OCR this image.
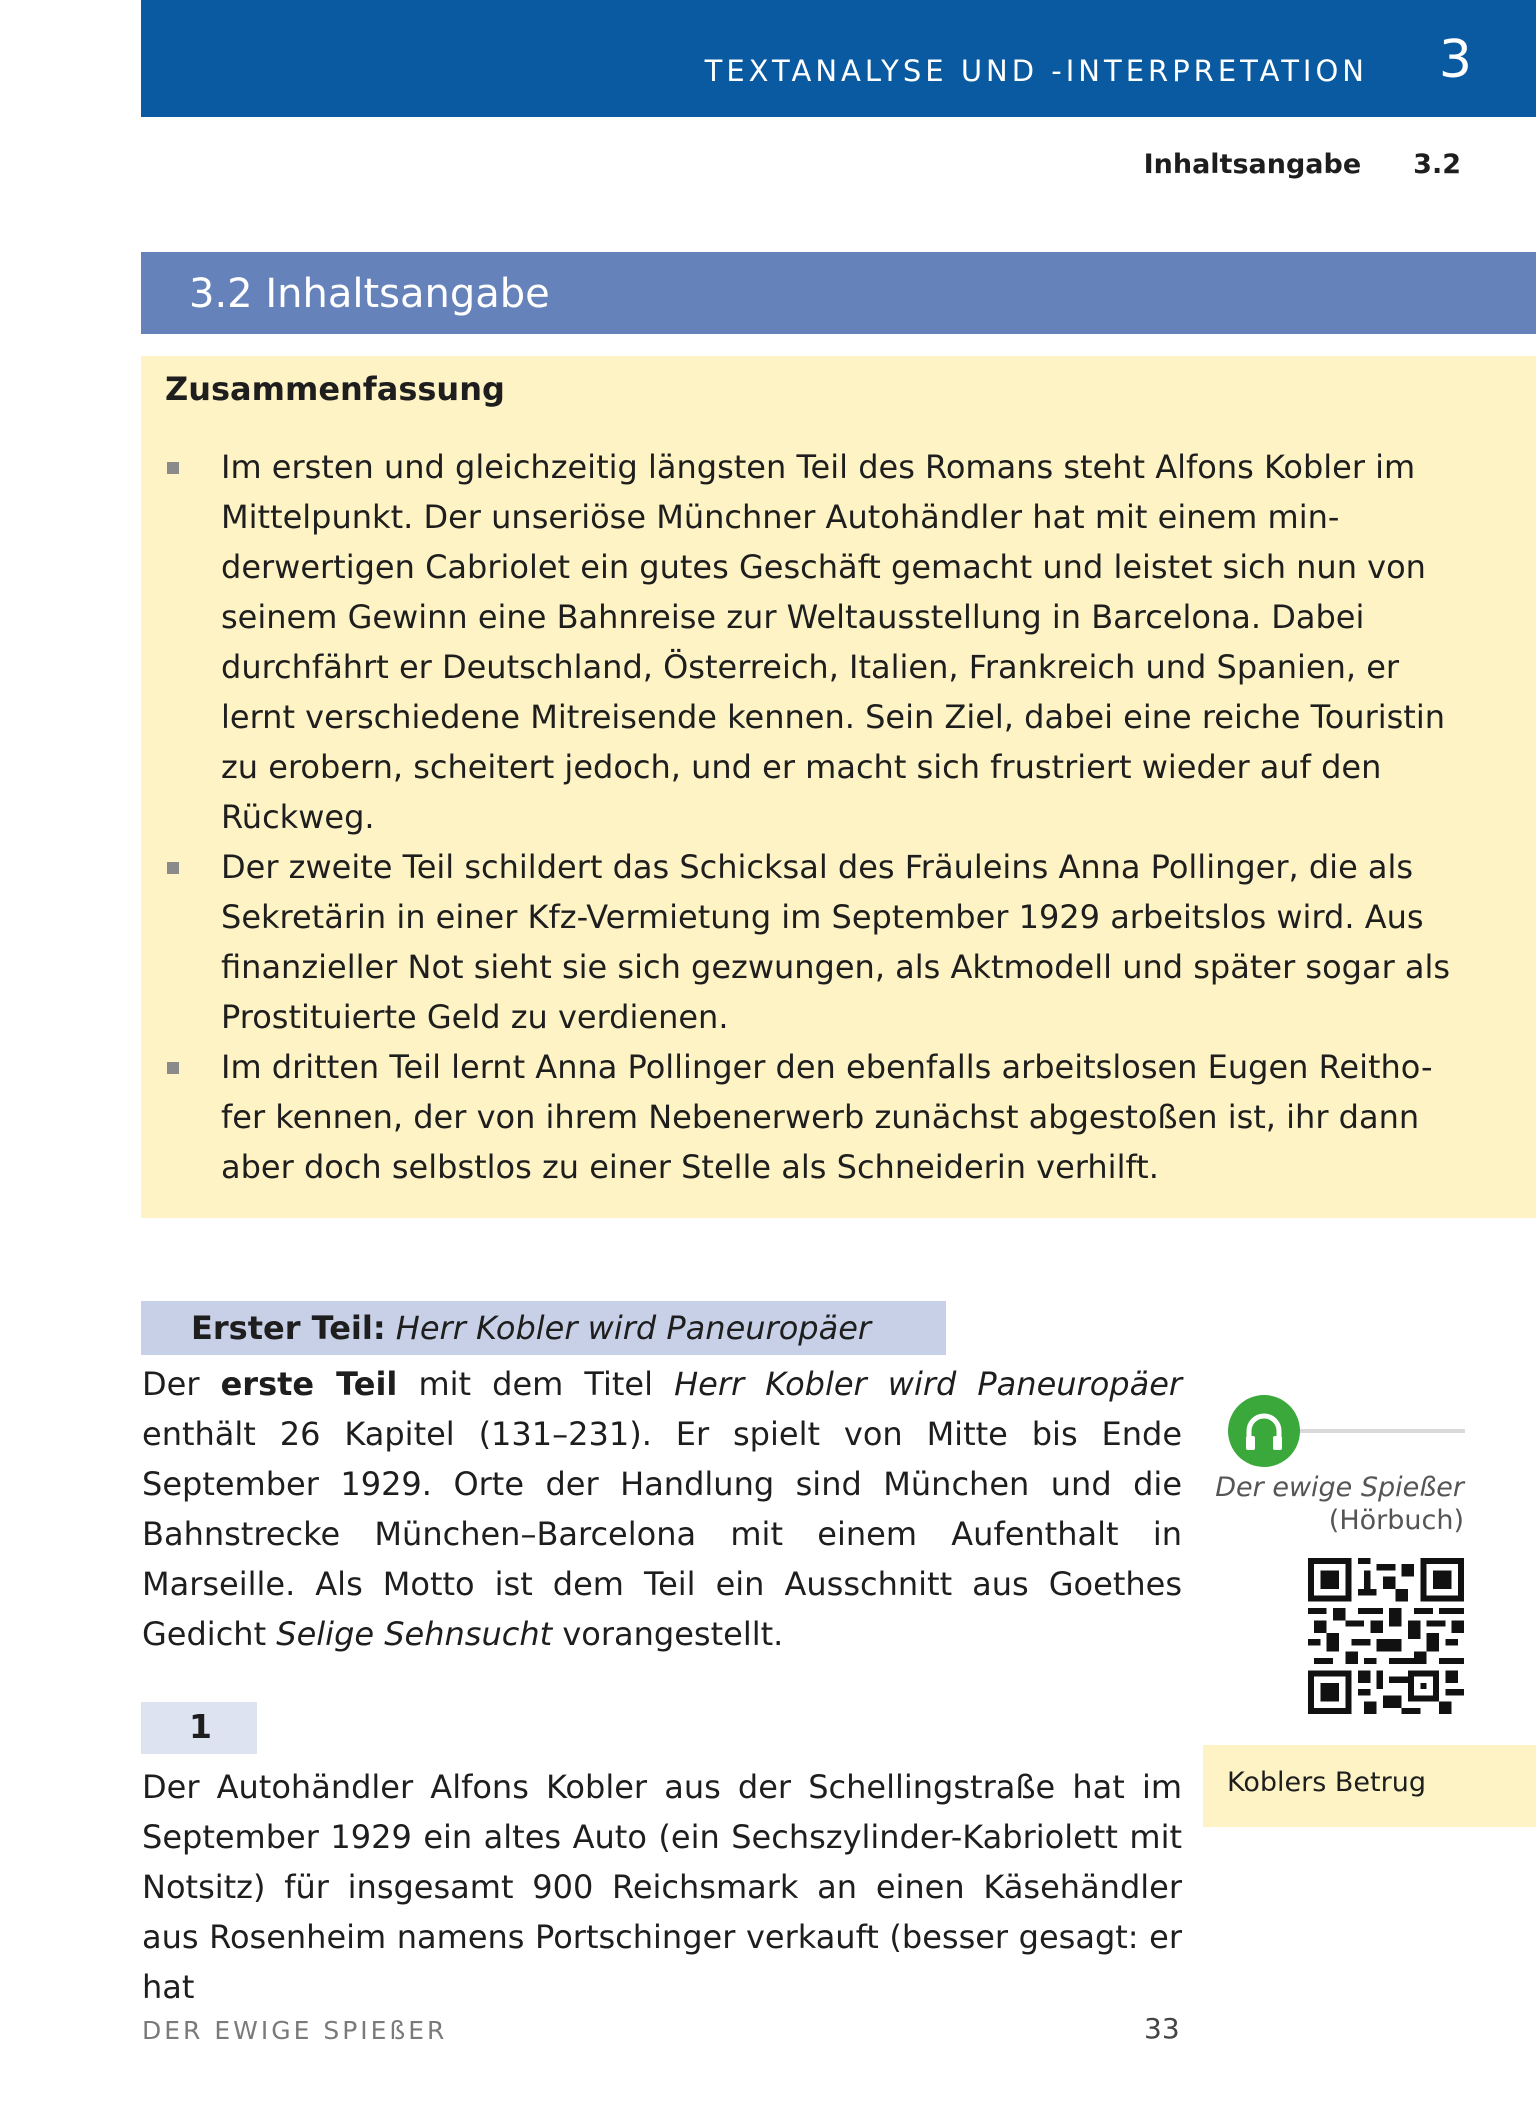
TEXTANALYSE UND -INTERPRETATION 3
Inhaltsangabe 3.2
3.2 Inhaltsangabe
Zusammenfassung
Im ersten und gleichzeitig längsten Teil des Romans steht Alfons Kobler im Mittelpunkt. Der unseriöse Münchner Autohändler hat mit einem min-derwertigen Cabriolet ein gutes Geschäft gemacht und leistet sich nun von seinem Gewinn eine Bahnreise zur Weltausstellung in Barcelona. Dabei durchfährt er Deutschland, Österreich, Italien, Frankreich und Spanien, er lernt verschiedene Mitreisende kennen. Sein Ziel, dabei eine reiche Touristin zu erobern, scheitert jedoch, und er macht sich frustriert wieder auf den Rückweg.
Der zweite Teil schildert das Schicksal des Fräuleins Anna Pollinger, die als Sekretärin in einer Kfz-Vermietung im September 1929 arbeitslos wird. Aus finanzieller Not sieht sie sich gezwungen, als Aktmodell und später sogar als Prostituierte Geld zu verdienen.
Im dritten Teil lernt Anna Pollinger den ebenfalls arbeitslosen Eugen Reitho-fer kennen, der von ihrem Nebenerwerb zunächst abgestoßen ist, ihr dann aber doch selbstlos zu einer Stelle als Schneiderin verhilft.
Erster Teil: Herr Kobler wird Paneuropäer

Der erste Teil mit dem Titel Herr Kobler wird Paneuropäer enthält 26 Kapitel (131–231). Er spielt von Mitte bis Ende September 1929. Orte der Handlung sind München und die Bahnstrecke München–Barcelona mit einem Aufenthalt in Marseille. Als Motto ist dem Teil ein Ausschnitt aus Goethes Gedicht Selige Sehnsucht vorangestellt.

1

Der Autohändler Alfons Kobler aus der Schellingstraße hat im September 1929 ein altes Auto (ein Sechszylinder-Kabriolett mit Notsitz) für insgesamt 900 Reichsmark an einen Käsehändler aus Rosenheim namens Portschinger verkauft (besser gesagt: er hat

Der ewige Spießer
(Hörbuch)
Koblers Betrug
DER EWIGE SPIEßER	33
